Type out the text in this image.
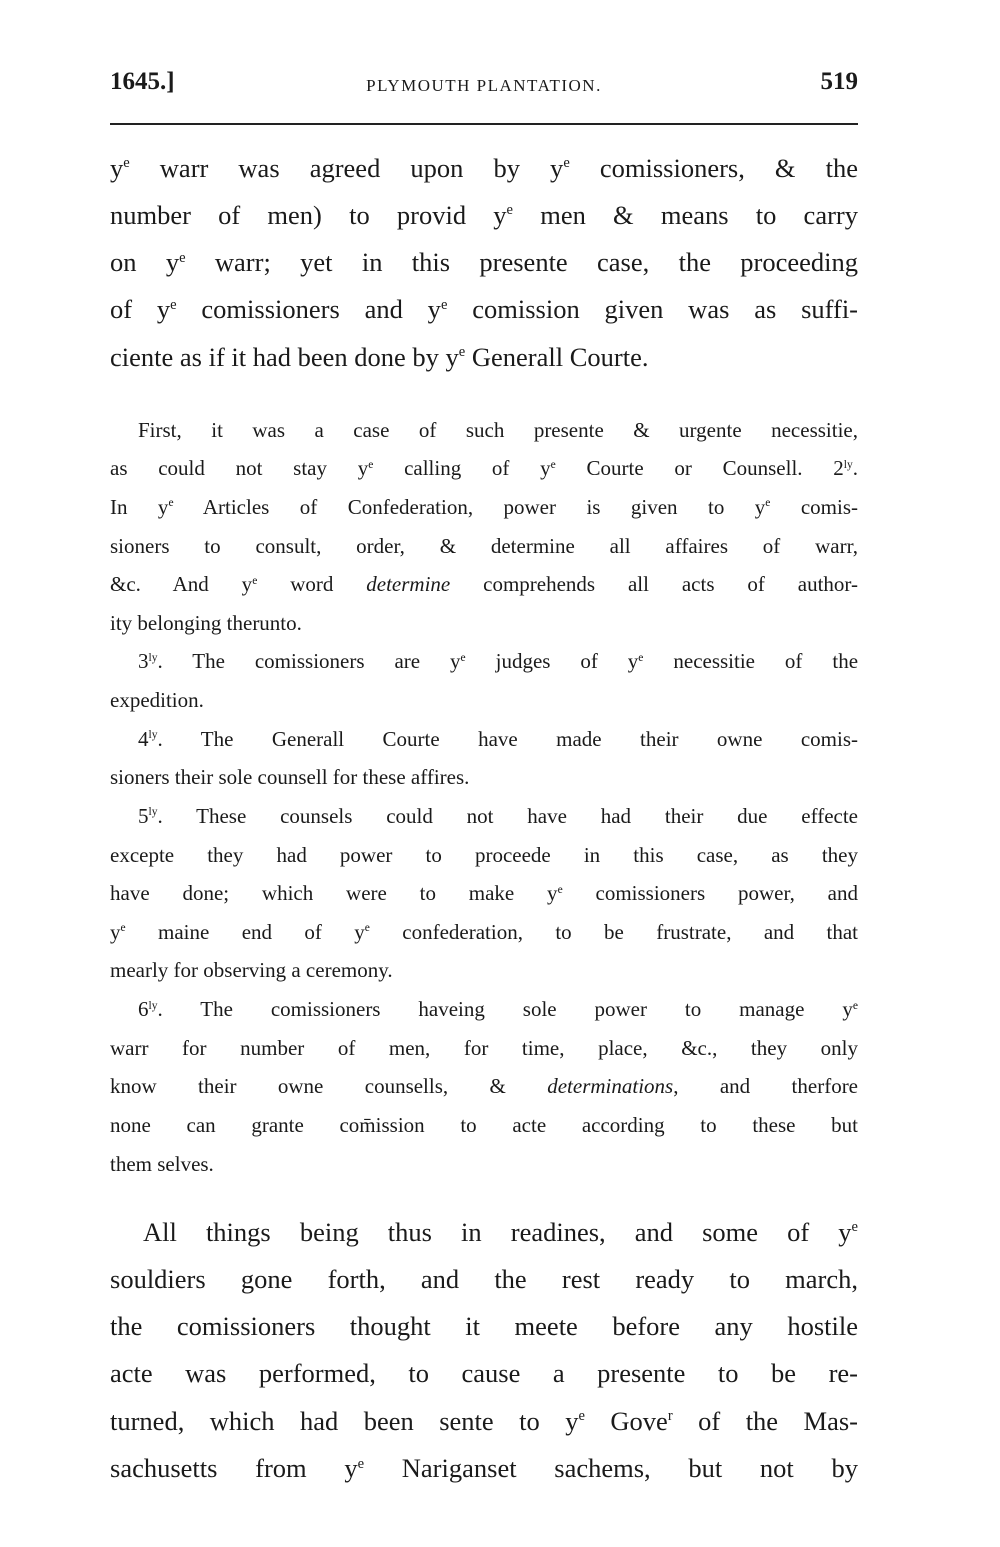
1645.]	PLYMOUTH PLANTATION.	519
$y^e$ warr was agreed upon by $y^e$ comissioners, & the
number of men) to provid $y^e$ men & means to carry
on $y^e$ warr; yet in this presente case, the proceeding
of $y^e$ comissioners and $y^e$ comission given was as suffi-
ciente as if it had been done by $y^e$ Generall Courte.
First, it was a case of such presente & urgente necessitie,
as could not stay $y^e$ calling of $y^e$ Courte or Counsell. $2^{ly}$.
In $y^e$ Articles of Confederation, power is given to $y^e$ comis-
sioners to consult, order, & determine all affaires of warr,
&c. And $y^e$ word determine comprehends all acts of author-
ity belonging therunto.
$3^{ly}$. The comissioners are $y^e$ judges of $y^e$ necessitie of the
expedition.
$4^{ly}$. The Generall Courte have made their owne comis-
sioners their sole counsell for these affires.
$5^{ly}$. These counsels could not have had their due effecte
excepte they had power to proceede in this case, as they
have done; which were to make $y^e$ comissioners power, and
$y^e$ maine end of $y^e$ confederation, to be frustrate, and that
mearly for observing a ceremony.
$6^{ly}$. The comissioners haveing sole power to manage $y^e$
warr for number of men, for time, place, &c., they only
know their owne counsells, & determinations, and therfore
none can grante com̄ission to acte according to these but
them selves.
All things being thus in readines, and some of $y^e$
souldiers gone forth, and the rest ready to march,
the comissioners thought it meete before any hostile
acte was performed, to cause a presente to be re-
turned, which had been sente to $y^e$ Gove$^r$ of the Mas-
sachusetts from $y^e$ Nariganset sachems, but not by
